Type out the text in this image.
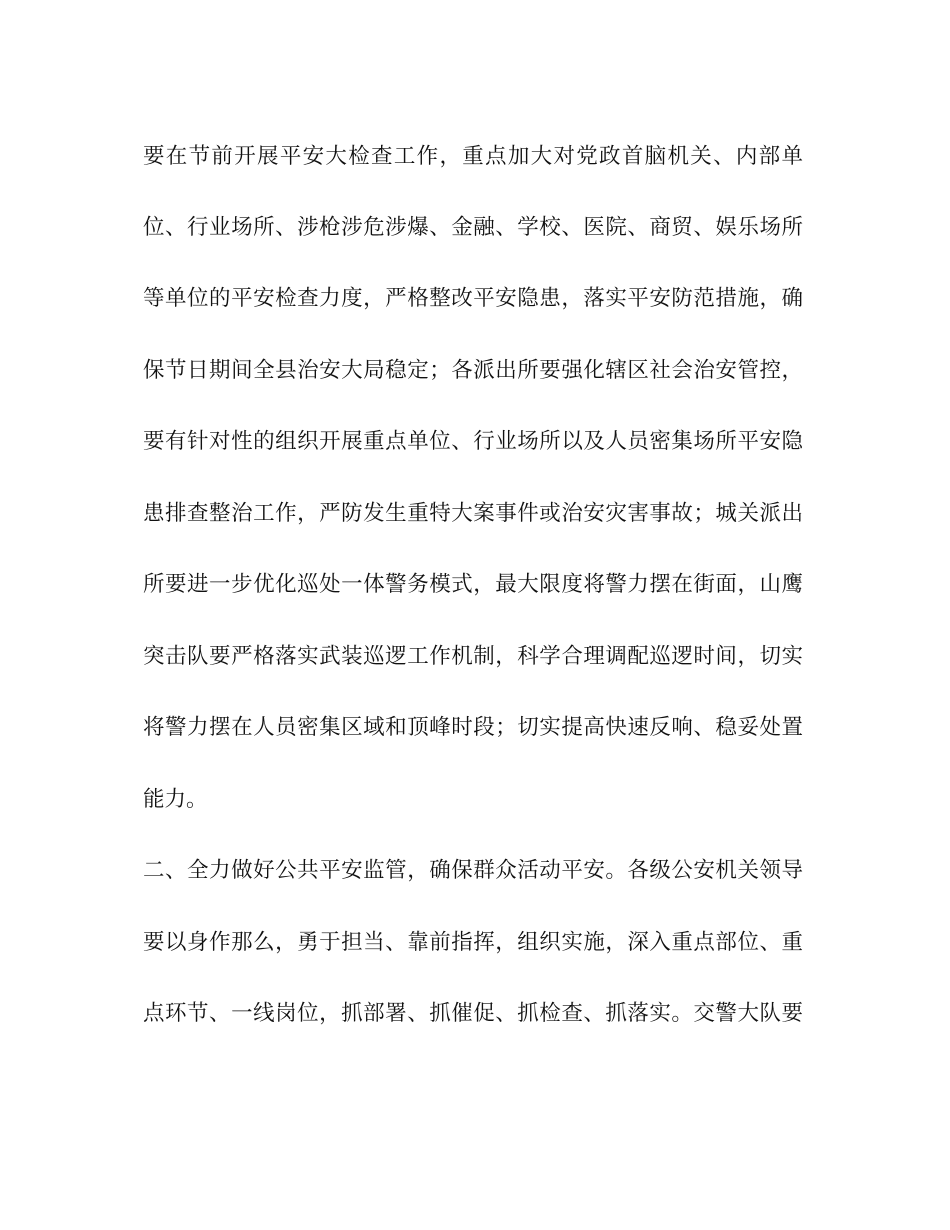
要在节前开展平安大检查工作，重点加大对党政首脑机关、内部单
位、行业场所、涉枪涉危涉爆、金融、学校、医院、商贸、娱乐场所
等单位的平安检查力度，严格整改平安隐患，落实平安防范措施，确
保节日期间全县治安大局稳定；各派出所要强化辖区社会治安管控，
要有针对性的组织开展重点单位、行业场所以及人员密集场所平安隐
患排查整治工作，严防发生重特大案事件或治安灾害事故；城关派出
所要进一步优化巡处一体警务模式，最大限度将警力摆在街面，山鹰
突击队要严格落实武装巡逻工作机制，科学合理调配巡逻时间，切实
将警力摆在人员密集区域和顶峰时段；切实提高快速反响、稳妥处置
能力。
二、全力做好公共平安监管，确保群众活动平安。各级公安机关领导
要以身作那么，勇于担当、靠前指挥，组织实施，深入重点部位、重
点环节、一线岗位，抓部署、抓催促、抓检查、抓落实。交警大队要
